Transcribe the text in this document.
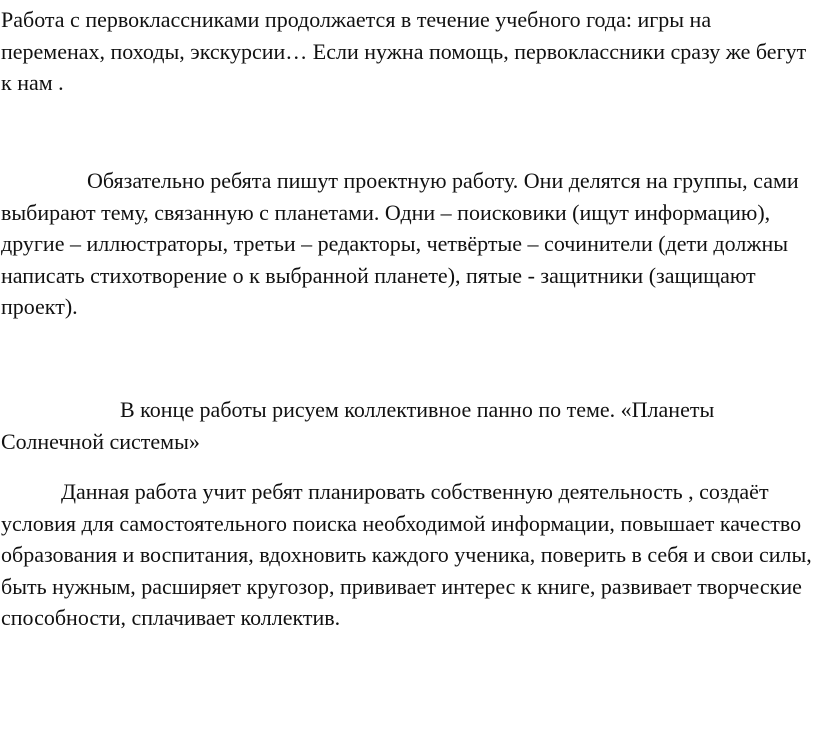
Работа с первоклассниками продолжается в течение учебного года: игры на переменах, походы, экскурсии… Если нужна помощь, первоклассники сразу же бегут к нам .

Обязательно ребята пишут проектную работу. Они делятся на группы, сами выбирают тему, связанную с планетами. Одни – поисковики (ищут информацию), другие – иллюстраторы, третьи – редакторы, четвёртые – сочинители (дети должны написать стихотворение о к выбранной планете), пятые - защитники (защищают проект).

В конце работы рисуем коллективное панно по теме. «Планеты Солнечной системы»

Данная работа учит ребят планировать собственную деятельность , создаёт условия для самостоятельного поиска необходимой информации, повышает качество образования и воспитания, вдохновить каждого ученика, поверить в себя и свои силы, быть нужным, расширяет кругозор, прививает интерес к книге, развивает творческие способности, сплачивает коллектив.
